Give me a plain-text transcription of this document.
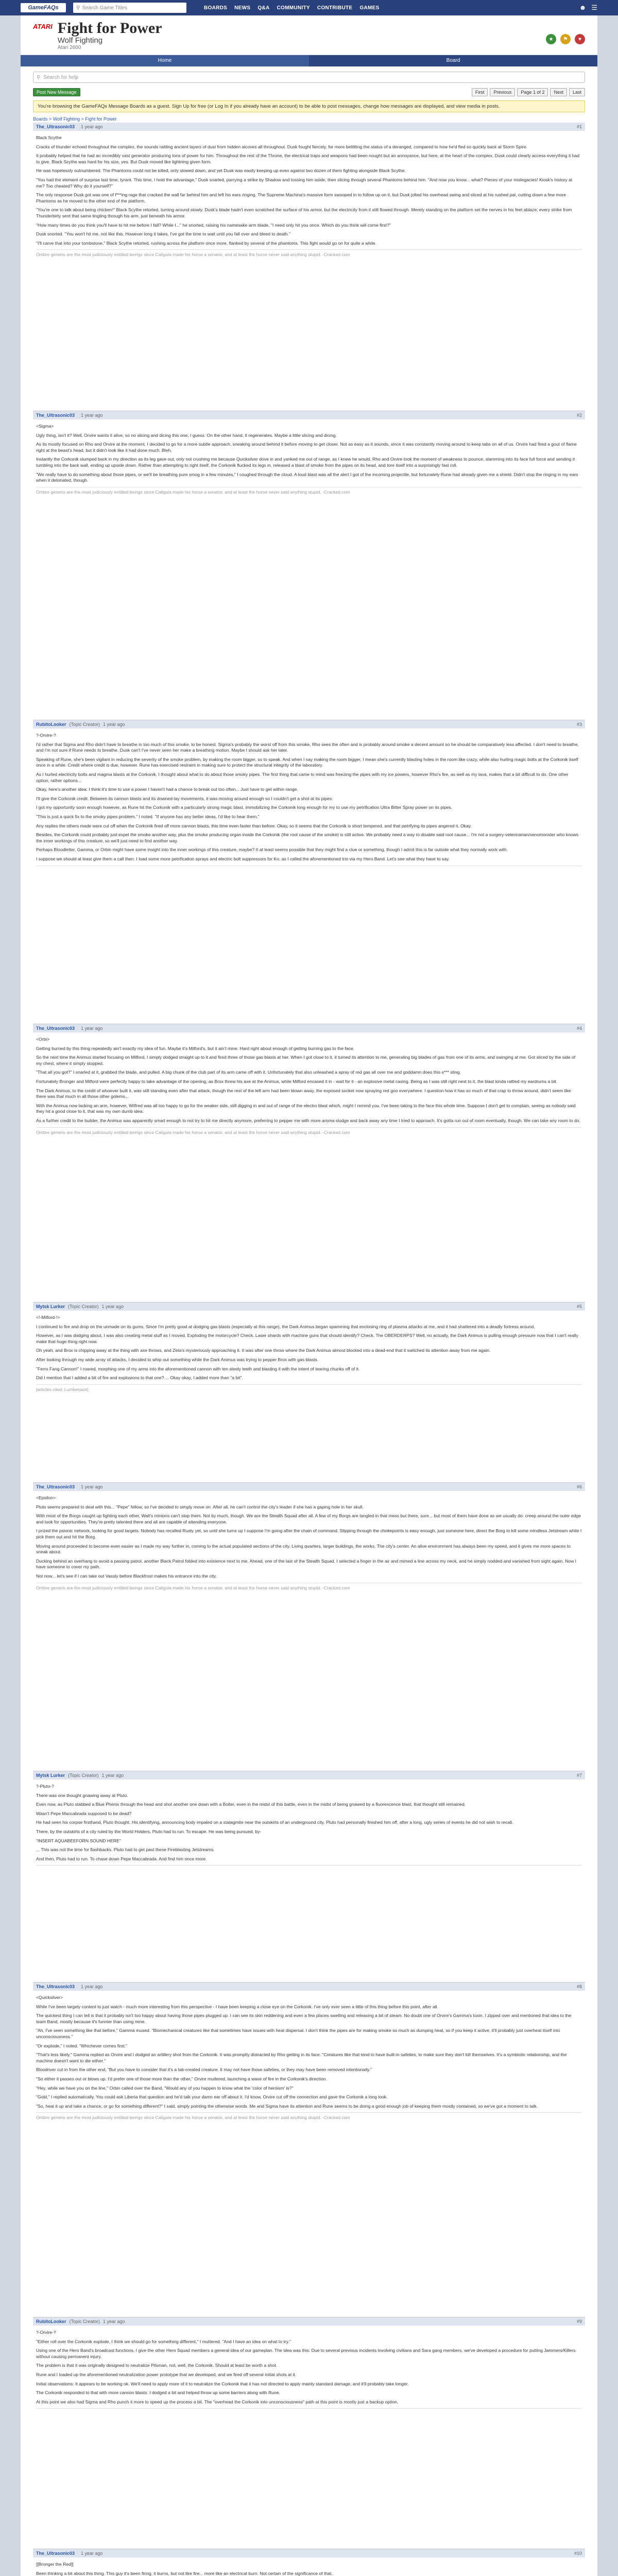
GameFAQs	⚲ Search Game Titles	BOARDS NEWS Q&A COMMUNITY CONTRIBUTE GAMES	☻ ☰
ATARI Fight for Power
Wolf Fighting
Atari 2600
★	⚑	♥
Home	Board
⚲ Search for help
Post New Message	First	Previous	Page 1 of 2	Next	Last
You're browsing the GameFAQs Message Boards as a guest. Sign Up for free (or Log In if you already have an account) to be able to post messages, change how messages are displayed, and view media in posts.
Boards > Wolf Fighting > Fight for Power
The_Ultrasonic03 1 year ago	#1

Black Scythe

Cracks of thunder echoed throughout the complex, the sounds rattling ancient layers of dust from hidden alcoves all throughout. Dusk fought fiercely, for more belittling the status of a deranged, compared to how he'd fled so quickly back at Storm Spire.

It probably helped that he had an incredibly vast generator producing tons of power for him. Throughout the rest of the Throne, the electrical traps and weapons had been nought but an annoyance, but here, at the heart of the complex, Dusk could clearly access everything it had to give. Black Scythe was hard for his size, yes. But Dusk moved like lightning given form.

He was hopelessly outnumbered. The Phantoms could not be killed, only slowed down, and yet Dusk was easily keeping up even against two dozen of them fighting alongside Black Scythe.

"You had the element of surprise last time, tyrant. This time, I hold the advantage," Dusk snarled, parrying a strike by Shadow and tossing him aside, then slicing through several Phantoms behind him. "And now you know... what? Pieces of your mislegacies! Kiosk's history at me? Too cheated? Why do it yourself?"

The only response Dusk got was one of f***ing rage that cracked the wall far behind him and left his ears ringing. The Supreme Machina's massive form swooped in to follow up on it, but Dusk jolted his overhead swing and sliced at his rushed pal, cutting down a few more Phantoms as he moved to the other end of the platform.

"You're one to talk about being chicken!" Black Scythe retorted, turning around slowly. Dusk's blade hadn't even scratched the surface of his armor, but the electricity from it still flowed through. Merely standing on the platform set the nerves in his feet ablaze; every strike from Thunderbirty sent that same tingling through his arm, just beneath his armor.

"How many times do you think you'll have to hit me before I fall? While I..." he snorted, raising his namesake arm blade, "I need only hit you once. Which do you think will come first?"

Dusk snorted. "You won't hit me, not like this. However long it takes, I've got the time to wait until you fall over and bleed to death."

"I'll carve that into your tombstone," Black Scythe retorted, rushing across the platform once more, flanked by several of the phantoms. This fight would go on for quite a while.

Ombre generis are the most judiciously entitled beings since Caligula made his horse a senator, and at least the horse never said anything stupid. -Cracked.com
The_Ultrasonic03 1 year ago	#2

<Sigma>

Ugly thing, isn't it? Well, Orvire wants it alive, so no slicing and dicing this one, I guess. On the other hand, it regenerates. Maybe a little slicing and dicing.

As its mostly focused on Rho and Orvire at the moment, I decided to go for a more subtle approach, sneaking around behind it before moving to get closer. Not as easy as it sounds, since it was constantly moving around to keep tabs on all of us. Orvire had fired a gout of flame right at the beast's head, but it didn't look like it had done much. Bleh.

Instantly the Corkonik slumped back in my direction as its leg gave out, only not crushing me because Quicksilver dove in and yanked me out of range, as I knew he would. Rho and Orvire took the moment of weakness to pounce, slamming into its face full force and sending it tumbling into the back wall, ending up upside down. Rather than attempting to right itself, the Corkonik flucked its legs in, released a blast of smoke from the pipes on its head, and tore itself into a surprisingly fast roll.

"We really have to do something about those pipes, or we'll be breathing pure smog in a few minutes," I coughed through the cloud. A loud blast was all the alert I got of the incoming projectile, but fortunately Rune had already given me a shield. Didn't stop the ringing in my ears when it detonated, though.

Ombre generis are the most judiciously entitled beings since Caligula made his horse a senator, and at least the horse never said anything stupid. -Cracked.com
RubitoLooker (Topic Creator) 1 year ago	#3

?-Orvire-?

I'd rather that Sigma and Rho didn't have to breathe in too much of this smoke, to be honest. Sigma's probably the worst off from this smoke, Rho sees the often and is probably around smoke a decent amount so he should be comparatively less affected. I don't need to breathe, and I'm not sure if Rune needs to breathe. Dusk can't I've never seen her make a breathing motion. Maybe I should ask her later.

Speaking of Rune, she's been vigilant in reducing the severity of the smoke problem, by making the room bigger, so to speak. And when I say making the room bigger, I mean she's currently blasting holes in the room like crazy, while also hurling magic bolts at the Corkonik itself once in a while. Credit where credit is due, however. Rune has exercised restraint in making sure to protect the structural integrity of the laboratory.

As I hurled electricity bolts and magma blasts at the Corkonik, I thought about what to do about those smoky pipes. The first thing that came to mind was freezing the pipes with my ice powers, however Rho's fire, as well as my lava, makes that a bit difficult to do. One other option, rather options...

Okay, here's another idea: I think it's time to use a power I haven't had a chance to break out too often... Just have to get within range.

I'll give the Corkonik credit. Between its cannon blasts and its downed-lay movements, it was moving around enough so I couldn't get a shot at its pipes.

I got my opportunity soon enough however, as Rune hit the Corkonik with a particularly strong magic blast, immobilizing the Corkonik long enough for my to use my petrification Ultra Bitter Spray power on its pipes.

"This is just a quick fix to the smoky pipes problem," I noted. "If anyone has any better ideas, I'd like to hear them."

Any replies the others made were cut off when the Corkonik fired off more cannon blasts, this time even faster than before. Okay, so it seems that the Corkonik is short tempered, and that petrifying its pipes angered it. Okay.

Besides, the Corkonik could probably just expel the smoke another way, plus the smoke producing organ inside the Corkonik (the root cause of the smoke) is still active. We probably need a way to disable said root cause... I'm not a surgery-veterinarian/xenomonster who knows the inner workings of this creature, so we'll just need to find another way.

Perhaps Bloodletter, Gamma, or Orbin might have some insight into the inner workings of this creature, maybe? It at least seems possible that they might find a clue or something, though I admit this is far outside what they normally work with.

I suppose we should at least give them a call then. I load some more petrification sprays and electric bolt suppressors for Ko, as I called the aforementioned trio via my Hero Band. Let's see what they have to say.

The_Ultrasonic03 1 year ago	#4

<Orbi>

Getting burned by this thing repeatedly ain't exactly my idea of fun. Maybe it's Milford's, but it ain't mine. Hard right about enough of getting burning gas to the face.

So the next time the Animus started focusing on Milford, I simply dodged straight up to it and fired three of those gas blasts at her. When I got close to it, it turned its attention to me, generating big blades of gas from one of its arms, and swinging at me. Got sliced by the side of my chest, where it simply stopped.

"That all you got?" I snarled at it, grabbed the blade, and pulled. A big chunk of the club part of its arm came off with it. Unfortunately that also unleashed a spray of red gas all over me and goddamn does this s*** sting.

Fortunately Bronger and Milford were perfectly happy to take advantage of the opening, as Brox threw his axe at the Animus, while Milford encased it in - wait for it - an explosive metal casing. Being as I was still right next to it, the blast kinda rattled my eardrums a bit.

The Dark Animus, to the credit of whoever built it, was still standing even after that attack, though the rest of the left arm had been blown away, the exposed socket now spraying red goo everywhere. I question how it has so much of that crap to throw around, didn't seem like there was that much in all those other golems...

With the Animus now lacking an arm, however, Wilfred was all too happy to go for the weaker side, still digging in and out of range of the electro blast which, might I remind you, I've been taking to the face this whole time. Suppose I don't get to complain, seeing as nobody said they hit a good close to it, that was my own dumb idea.

As a further credit to the builder, the Animus was apparently smart enough to not try to hit me directly anymore, preferring to pepper me with more aroma sludge and back away any time I tried to approach. It's gotta run out of room eventually, though. We can take any room to do.

Ombre generis are the most judiciously entitled beings since Caligula made his horse a senator, and at least the horse never said anything stupid. -Cracked.com
Mytsk Lurker (Topic Creator) 1 year ago	#5

<!-Milford-!>

I continued to fire and drop on the unmade on its gums. Since I'm pretty good at dodging gas blasts (especially at this range), the Dark Animus began spamming that enclosing ring of plasma attacks at me, and it had shattered into a deadly fortress around.

However, as I was dodging about, I was also creating metal stuff as I moved. Exploding the motorcycle? Check. Laser shards with machine guns that should identify? Check. The OBERDERPS? Well, no actually, the Dark Animus is pulling enough pressure now that I can't really make that huge thing right now.

Oh yeah, and Brox is chipping away at the thing with axe throws, and Zeta's mysteriously approaching it. It was after one throw where the Dark Animus almost blocked into a dead-end that it switched its attention away from me again.

After looking through my wide array of attacks, I decided to whip out something while the Dark Animus was trying to pepper Brox with gas blasts.

"Ferro Fang Cannon!" I roared, morphing one of my arms into the aforementioned cannon with ten steely teeth and blasting it with the intent of tearing chunks off of it.

Did I mention that I added a bit of fire and explosions to that one? ... Okay okay, I added more than "a bit".

[articles cited: Lumberjack]
The_Ultrasonic03 1 year ago	#6

<Epsilon>

Pluto seems prepared to deal with this... "Pepe" fellow, so I've decided to simply move on. After all, he can't control the city's leader if she has a gaping hole in her skull.

With most of the Borgs caught up fighting each other, Walt's minions can't stop them. Not by much, though. We are the Stealth Squad after all. A few of my Borgs are tangled in that mess but there, sure... but most of them have done as we usually do: creep around the outer edge and look for opportunities. They're pretty talented there and all are capable of attending everyone.

I prized the psionic network, looking for good targets. Nobody has recalled Rusty yet, so until she turns up I suppose I'm going after the chain of command. Slipping through the chokepoints is easy enough, just someone here, direct the Borg to kill some mindless Jetstream while I pick them out and hit the Borg.

Moving around proceeded to become even easier as I made my way further in, coming to the actual populated sections of the city. Living quarters, larger buildings, the works. The city's center. An alive environment has always been my speed, and it gives me more spaces to sneak about.

Ducking behind an overhang to avoid a passing patrol, another Black Patrol folded into existence next to me. Ahead, one of the last of the Stealth Squad. I selected a finger in the air and mimed a line across my neck, and he simply nodded and vanished from sight again. Now I have someone to cover my path.

Not now... let's see if I can take out Vassly before Blackfrost makes his entrance into the city.

Ombre generis are the most judiciously entitled beings since Caligula made his horse a senator, and at least the horse never said anything stupid. -Cracked.com
Mytsk Lurker (Topic Creator) 1 year ago	#7

?-Pluto-?

There was one thought gnawing away at Pluto.

Even now, as Pluto stabbed a Blue Phenix through the head and shot another one down with a Bolter, even in the midst of this battle, even in the midst of being gnawed by a fluorescence blast, that thought still remained.

Wasn't Pepe Maccabrada supposed to be dead?

He had seen his corpse firsthand, Pluto thought. His identifying, announcing body impaled on a stalagmite near the outskirts of an underground city. Pluto had personally finished him off, after a long, ugly series of events he did not wish to recall.

There, by the outskirts of a city ruled by the World Holders, Pluto had to run. To escape. He was being pursued, by-

"INSERT AQUABEEFORN SOUND HERE"

... This was not the time for flashbacks. Pluto had to get past these Fireblasting Jetstreams.

And then, Pluto had to run. To chase down Pepe Maccabrada. And find him once more.

The_Ultrasonic03 1 year ago	#8

<Quicksilver>

While I've been largely content to just watch - much more interesting from this perspective - I have been keeping a close eye on the Corkonik. I've only ever seen a little of this thing before this point, after all.

The quickest thing I can tell is that it probably isn't too happy about having those pipes plugged up. I can see its skin reddening and even a few places swelling and releasing a bit of steam. No doubt one of Orvire's Gamma's toxin, I zipped over and mentioned that idea to the team Band, mostly because it's funnier than using mine.

"Ah, I've seen something like that before," Gamma mused. "Biomechanical creatures like that sometimes have issues with heat dispersal. I don't think the pipes are for making smoke so much as dumping heat, so if you keep it active, it'll probably just overheat itself into unconsciousness."

"Or explode," I noted. "Whichever comes first."

"That's less likely," Gamma replied as Orvire and I dodged an artillery shot from the Corkonik. It was promptly distracted by Rho getting in its face. "Creatures like that tend to have built-in safeties, to make sure they don't kill themselves. It's a symbiotic relationship, and the machine doesn't want to die either."

Bloodriver cut in from the other end, "But you have to consider that it's a lab-created creature. It may not have those safeties, or they may have been removed intentionally."

"So either it passes out or blows up. I'd prefer one of those more than the other," Orvire muttered, launching a wave of fire in the Corkonik's direction.

"Hey, while we have you on the line," Orbin called over the Band, "Would any of you happen to know what the 'color of heroism' is?"

"Gold," I replied automatically. You could ask Liberia that question and he'd talk your damn ear off about it. I'd know. Orvire cut off the connection and gave the Corkonik a long look.

"So, heat it up and take a chance, or go for something different?" I said, simply pointing the otherwise words. Me and Sigma have its attention and Rune seems to be doing a good enough job of keeping them mostly contained, so we've got a moment to talk.

Ombre generis are the most judiciously entitled beings since Caligula made his horse a senator, and at least the horse never said anything stupid. -Cracked.com
RubitoLooker (Topic Creator) 1 year ago	#9

?-Orvire-?

"Either roll over the Corkonik explode, I think we should go for something different," I muttered. "And I have an idea on what to try."

Using one of the Hero Band's broadcast functions, I give the other Hero Squad members a general idea of our gameplan. The idea was this: Due to several previous incidents involving civilians and Sara gang members, we've developed a procedure for putting Jammers/Killers without causing permanent injury.

The problem is that it was originally designed to neutralize Pilsman, not, well, the Corkonik. Should at least be worth a shot.

Rune and I loaded up the aforementioned neutralization power prototype that we developed, and we fired off several initial shots at it.

Initial observations: It appears to be working ok. We'll need to apply more of it to neutralize the Corkonik that it has not directed to apply mainly standard damage, and it'll probably take longer.

The Corkonik responded to that with more cannon blasts. I dodged a bit and helped throw up some barriers along with Rune.

At this point we also had Sigma and Rho punch it more to speed up the process a bit. The "overhead the Corkonik into unconsciousness" path at this point is mostly just a backup option.

The_Ultrasonic03 1 year ago	#10

[[Bronger the Red]]

Been thinking a bit about this thing. This guy it's been firing, it burns, but not like fire... more like an electrical burn. Not certain of the significance of that.
